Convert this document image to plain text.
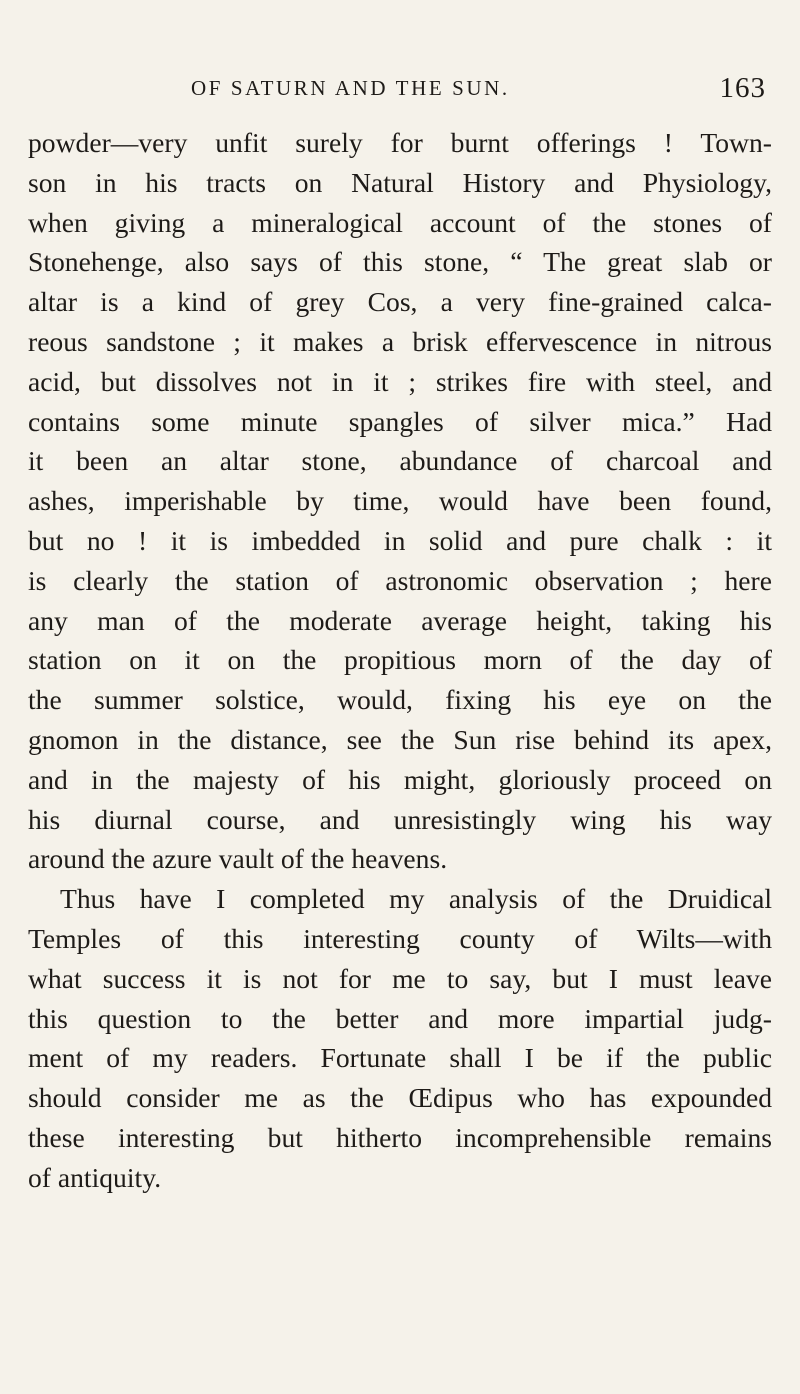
OF SATURN AND THE SUN.	163
powder—very unfit surely for burnt offerings ! Town-
son in his tracts on Natural History and Physiology,
when giving a mineralogical account of the stones of
Stonehenge, also says of this stone, “ The great slab or
altar is a kind of grey Cos, a very fine-grained calca-
reous sandstone ; it makes a brisk effervescence in nitrous
acid, but dissolves not in it ; strikes fire with steel, and
contains some minute spangles of silver mica.” Had
it been an altar stone, abundance of charcoal and
ashes, imperishable by time, would have been found,
but no ! it is imbedded in solid and pure chalk : it
is clearly the station of astronomic observation ; here
any man of the moderate average height, taking his
station on it on the propitious morn of the day of
the summer solstice, would, fixing his eye on the
gnomon in the distance, see the Sun rise behind its apex,
and in the majesty of his might, gloriously proceed on
his diurnal course, and unresistingly wing his way
around the azure vault of the heavens.
Thus have I completed my analysis of the Druidical
Temples of this interesting county of Wilts—with
what success it is not for me to say, but I must leave
this question to the better and more impartial judg-
ment of my readers. Fortunate shall I be if the public
should consider me as the Œdipus who has expounded
these interesting but hitherto incomprehensible remains
of antiquity.
